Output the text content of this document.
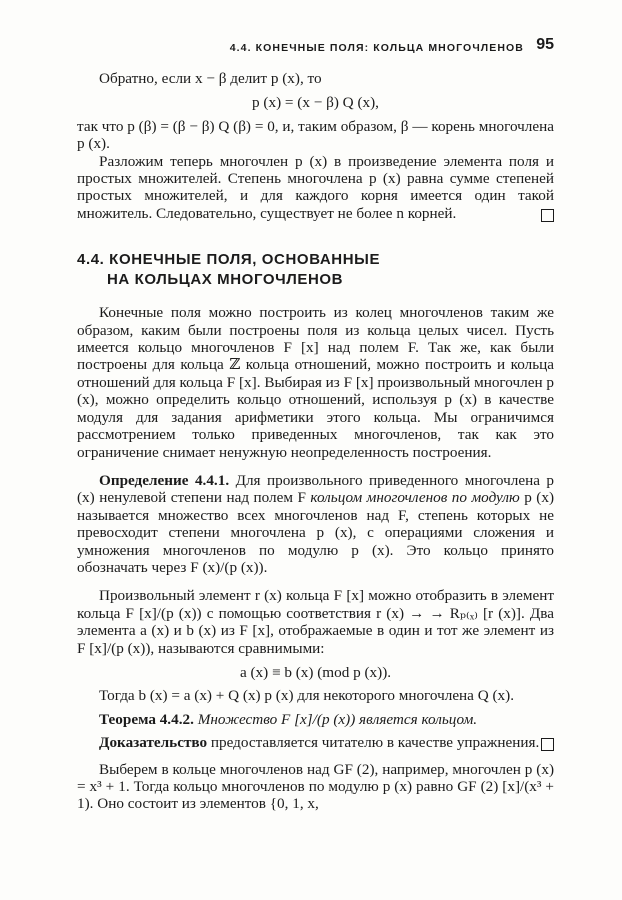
4.4. КОНЕЧНЫЕ ПОЛЯ: КОЛЬЦА МНОГОЧЛЕНОВ 95

Обратно, если x − β делит p (x), то

p (x) = (x − β) Q (x),

так что p (β) = (β − β) Q (β) = 0, и, таким образом, β — корень многочлена p (x).

Разложим теперь многочлен p (x) в произведение элемента поля и простых множителей. Степень многочлена p (x) равна сумме степеней простых множителей, и для каждого корня имеется один такой множитель. Следовательно, существует не более n корней.

4.4. КОНЕЧНЫЕ ПОЛЯ, ОСНОВАННЫЕ
НА КОЛЬЦАХ МНОГОЧЛЕНОВ

Конечные поля можно построить из колец многочленов таким же образом, каким были построены поля из кольца целых чисел. Пусть имеется кольцо многочленов F [x] над полем F. Так же, как были построены для кольца ℤ кольца отношений, можно построить и кольца отношений для кольца F [x]. Выбирая из F [x] произвольный многочлен p (x), можно определить кольцо отношений, используя p (x) в качестве модуля для задания арифметики этого кольца. Мы ограничимся рассмотрением только приведенных многочленов, так как это ограничение снимает ненужную неопределенность построения.

Определение 4.4.1. Для произвольного приведенного многочлена p (x) ненулевой степени над полем F кольцом многочленов по модулю p (x) называется множество всех многочленов над F, степень которых не превосходит степени многочлена p (x), с операциями сложения и умножения многочленов по модулю p (x). Это кольцо принято обозначать через F (x)/(p (x)).

Произвольный элемент r (x) кольца F [x] можно отобразить в элемент кольца F [x]/(p (x)) с помощью соответствия r (x) → → Rₚ₍ₓ₎ [r (x)]. Два элемента a (x) и b (x) из F [x], отображаемые в один и тот же элемент из F [x]/(p (x)), называются сравнимыми:

a (x) ≡ b (x) (mod p (x)).

Тогда b (x) = a (x) + Q (x) p (x) для некоторого многочлена Q (x).

Теорема 4.4.2. Множество F [x]/(p (x)) является кольцом.

Доказательство предоставляется читателю в качестве упражнения.

Выберем в кольце многочленов над GF (2), например, многочлен p (x) = x³ + 1. Тогда кольцо многочленов по модулю p (x) равно GF (2) [x]/(x³ + 1). Оно состоит из элементов {0, 1, x,
